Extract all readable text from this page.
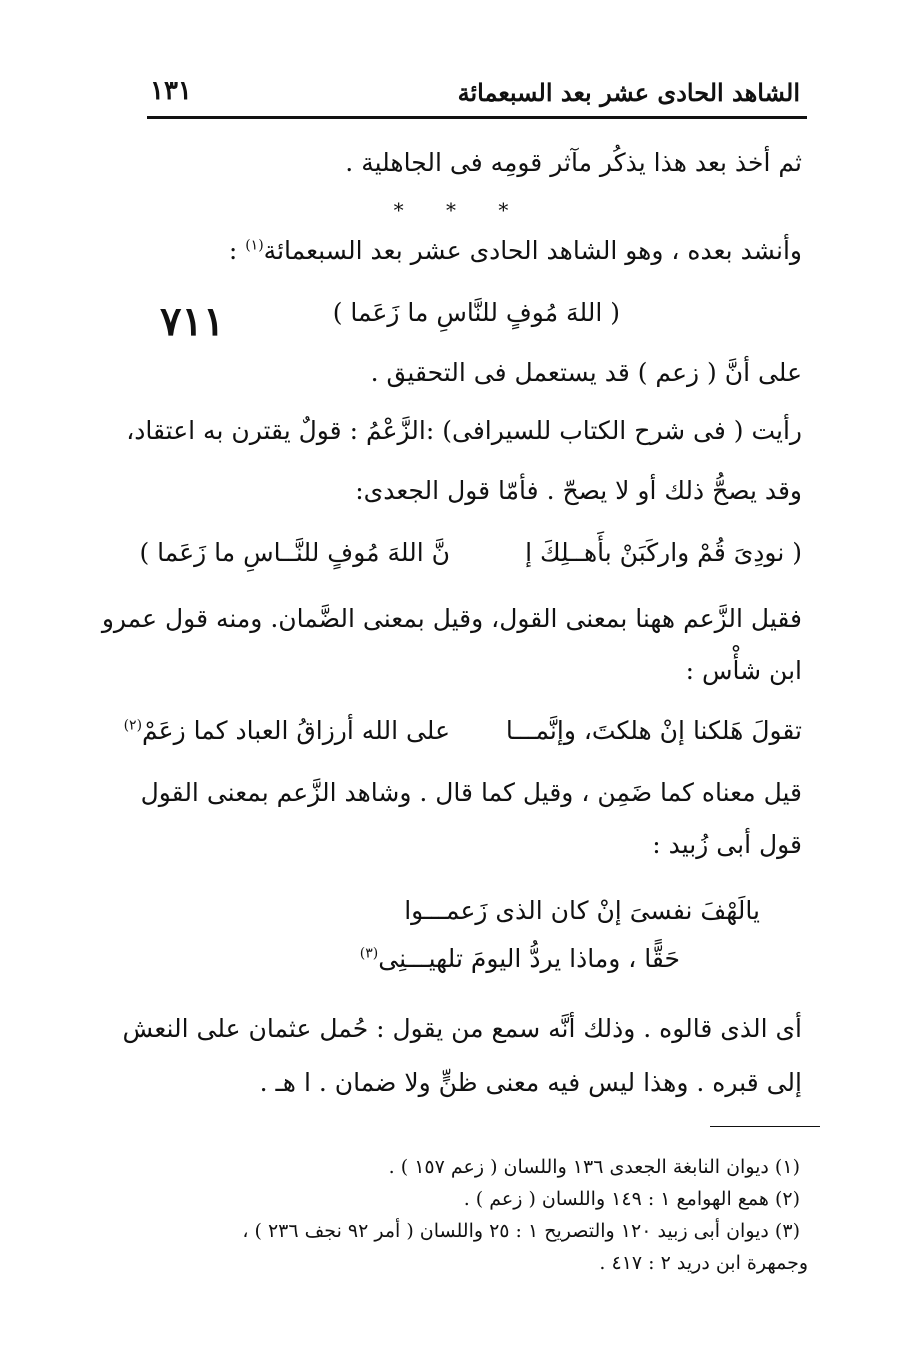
الشاهد الحادى عشر بعد السبعمائة
١٣١
ثم أخذ بعد هذا يذكُر مآثر قومِه فى الجاهلية .
* * *
وأنشد بعده ، وهو الشاهد الحادى عشر بعد السبعمائة$^{(١)}$ :
( اللهَ مُوفٍ للنَّاسِ ما زَعَما )
٧١١
على أنَّ ( زعم ) قد يستعمل فى التحقيق .
رأيت ( فى شرح الكتاب للسيرافى) :الزَّعْمُ : قولٌ يقترن به اعتقاد،
وقد يصحُّ ذلك أو لا يصحّ . فأمّا قول الجعدى:
( نودِىَ قُمْ واركَبَنْ بأَهــلِكَ إ
نَّ اللهَ مُوفٍ للنَّــاسِ ما زَعَما )
فقيل الزَّعم ههنا بمعنى القول، وقيل بمعنى الضَّمان. ومنه قول عمرو
ابن شأْس :
تقولَ هَلكنا إنْ هلكتَ، وإنَّمـــا
على الله أرزاقُ العباد كما زعَمْ$^{(٢)}$
قيل معناه كما ضَمِن ، وقيل كما قال . وشاهد الزَّعم بمعنى القول
قول أبى زُبيد :
يالَهْفَ نفسىَ إنْ كان الذى زَعمـــوا
حَقًّا ، وماذا يردُّ اليومَ تلهيـــنِى$^{(٣)}$
أى الذى قالوه . وذلك أنَّه سمع من يقول : حُمل عثمان على النعش
إلى قبره . وهذا ليس فيه معنى ظنٍّ ولا ضمان . ا هـ .
(١) ديوان النابغة الجعدى ١٣٦ واللسان ( زعم ١٥٧ ) .
(٢) همع الهوامع ١ : ١٤٩ واللسان ( زعم ) .
(٣) ديوان أبى زبيد ١٢٠ والتصريح ١ : ٢٥ واللسان ( أمر ٩٢ نجف ٢٣٦ ) ،
وجمهرة ابن دريد ٢ : ٤١٧ .
